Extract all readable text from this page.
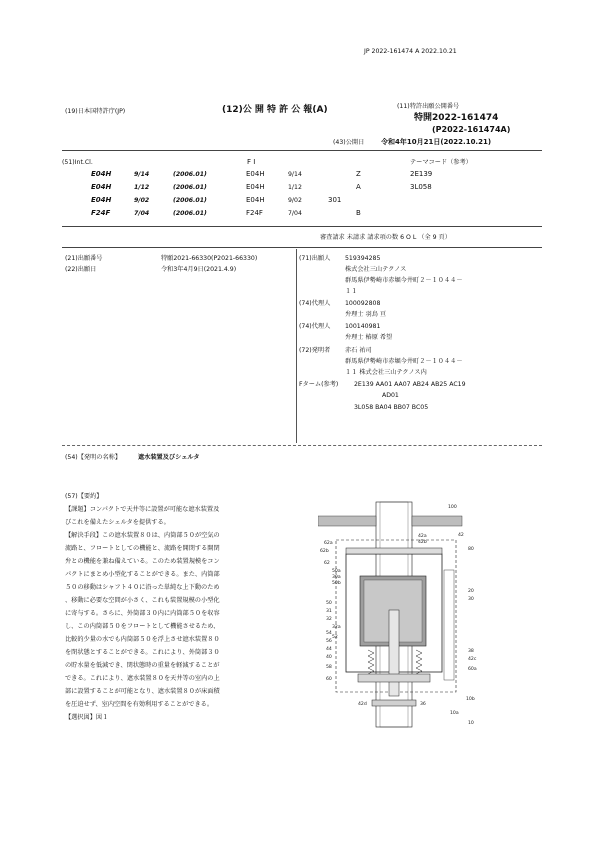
JP 2022-161474 A 2022.10.21
(19)日本国特許庁(JP)	(12)公 開 特 許 公 報(A)	(11)特許出願公開番号
特開2022-161474
(P2022-161474A)
(43)公開日 令和4年10月21日(2022.10.21)
(51)Int.Cl.	F I	テーマコード（参考）
E04H	9/14	(2006.01)	E04H	9/14	Z	2E139
E04H	1/12	(2006.01)	E04H	1/12	A	3L058
E04H	9/02	(2006.01)	E04H	9/02	301
F24F	7/04	(2006.01)	F24F	7/04	B
審査請求 未請求 請求項の数 6 O L （全 9 頁）
(21)出願番号	特願2021-66330(P2021-66330)
(22)出願日	令和3年4月9日(2021.4.9)
(71)出願人 519394285
株式会社三山テクノス
群馬県伊勢崎市赤堀今井町２－１０４４－
１１
(74)代理人 100092808
弁理士 羽鳥 亘
(74)代理人 100140981
弁理士 椿原 希望
(72)発明者 赤石 祐司
群馬県伊勢崎市赤堀今井町２－１０４４－
１１ 株式会社三山テクノス内
Fターム(参考)	2E139 AA01 AA07 AB24 AB25 AC19
AD01
3L058 BA04 BB07 BC05
(54)【発明の名称】	遮水装置及びシェルタ
(57)【要約】
【課題】コンパクトで天井等に設置が可能な遮水装置及
びこれを備えたシェルタを提供する。
【解決手段】この遮水装置８０は、内筒部５０が空気の
流路と、フロートとしての機能と、流路を開閉する開閉
弁との機能を兼ね備えている。このため装置規模をコン
パクトにまとめ小型化することができる。また、内筒部
５０の移動はシャフト４０に沿った単純な上下動のため
、移動に必要な空間が小さく、これも装置規模の小型化
に寄与する。さらに、外筒部３０内に内筒部５０を収容
し、この内筒部５０をフロートとして機能させるため、
比較的少量の水でも内筒部５０を浮上させ遮水装置８０
を閉状態とすることができる。これにより、外筒部３０
の貯水量を低減でき、閉状態時の重量を軽減することが
できる。これにより、遮水装置８０を天井等の室内の上
部に設置することが可能となり、遮水装置８０が床面積
を圧迫せず、室内空間を有効利用することができる。
【選択図】図１
10
10a
10b
20
30
30a
31
32
32a
36
38
40
42
42a
42b
42c
42d
44
50
50a
50b
52
54
56
58
60
60a
62
62a
62b	80
100
